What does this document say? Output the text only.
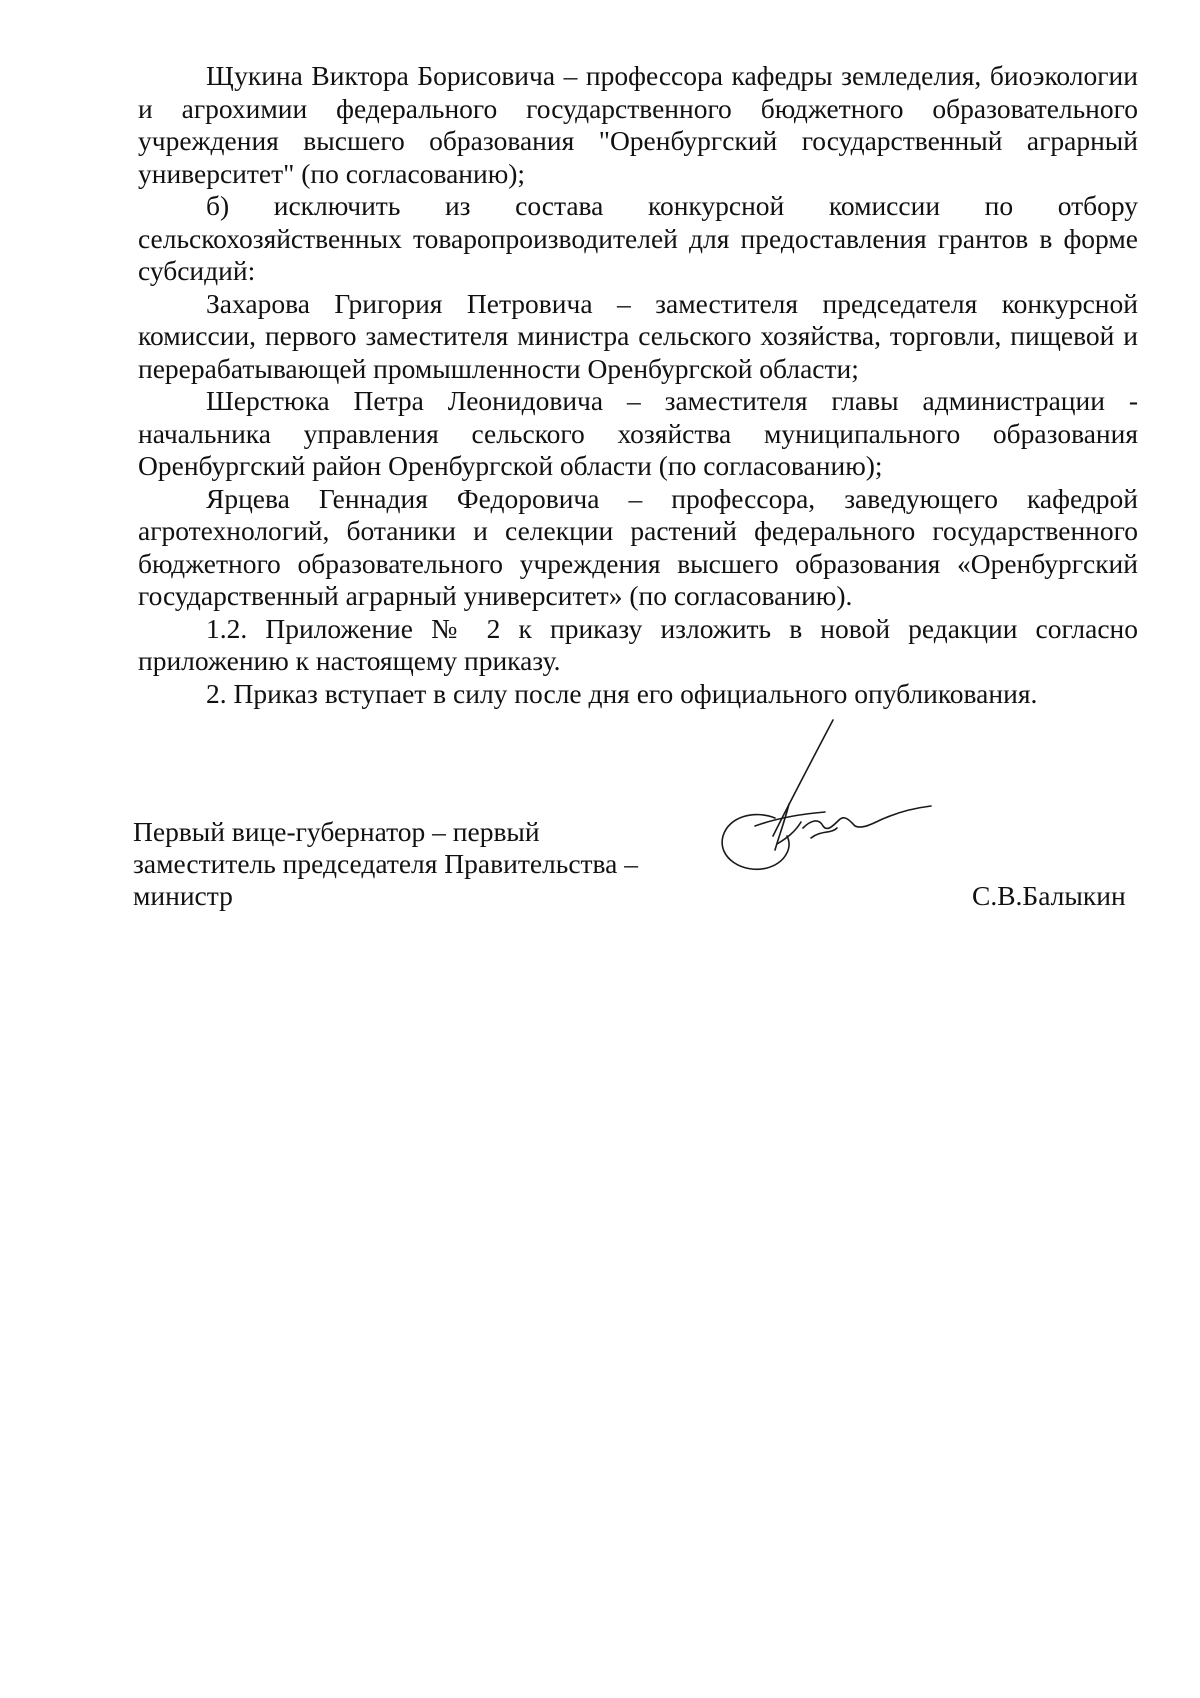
Щукина Виктора Борисовича – профессора кафедры земледелия, биоэкологии и агрохимии федерального государственного бюджетного образовательного учреждения высшего образования "Оренбургский государственный аграрный университет" (по согласованию);

б) исключить из состава конкурсной комиссии по отбору сельскохозяйственных товаропроизводителей для предоставления грантов в форме субсидий:

Захарова Григория Петровича – заместителя председателя конкурсной комиссии, первого заместителя министра сельского хозяйства, торговли, пищевой и перерабатывающей промышленности Оренбургской области;

Шерстюка Петра Леонидовича – заместителя главы администрации - начальника управления сельского хозяйства муниципального образования Оренбургский район Оренбургской области (по согласованию);

Ярцева Геннадия Федоровича – профессора, заведующего кафедрой агротехнологий, ботаники и селекции растений федерального государственного бюджетного образовательного учреждения высшего образования «Оренбургский государственный аграрный университет» (по согласованию).

1.2. Приложение № 2 к приказу изложить в новой редакции согласно приложению к настоящему приказу.

2. Приказ вступает в силу после дня его официального опубликования.

Первый вице-губернатор – первый
заместитель председателя Правительства –
министр	С.В.Балыкин
